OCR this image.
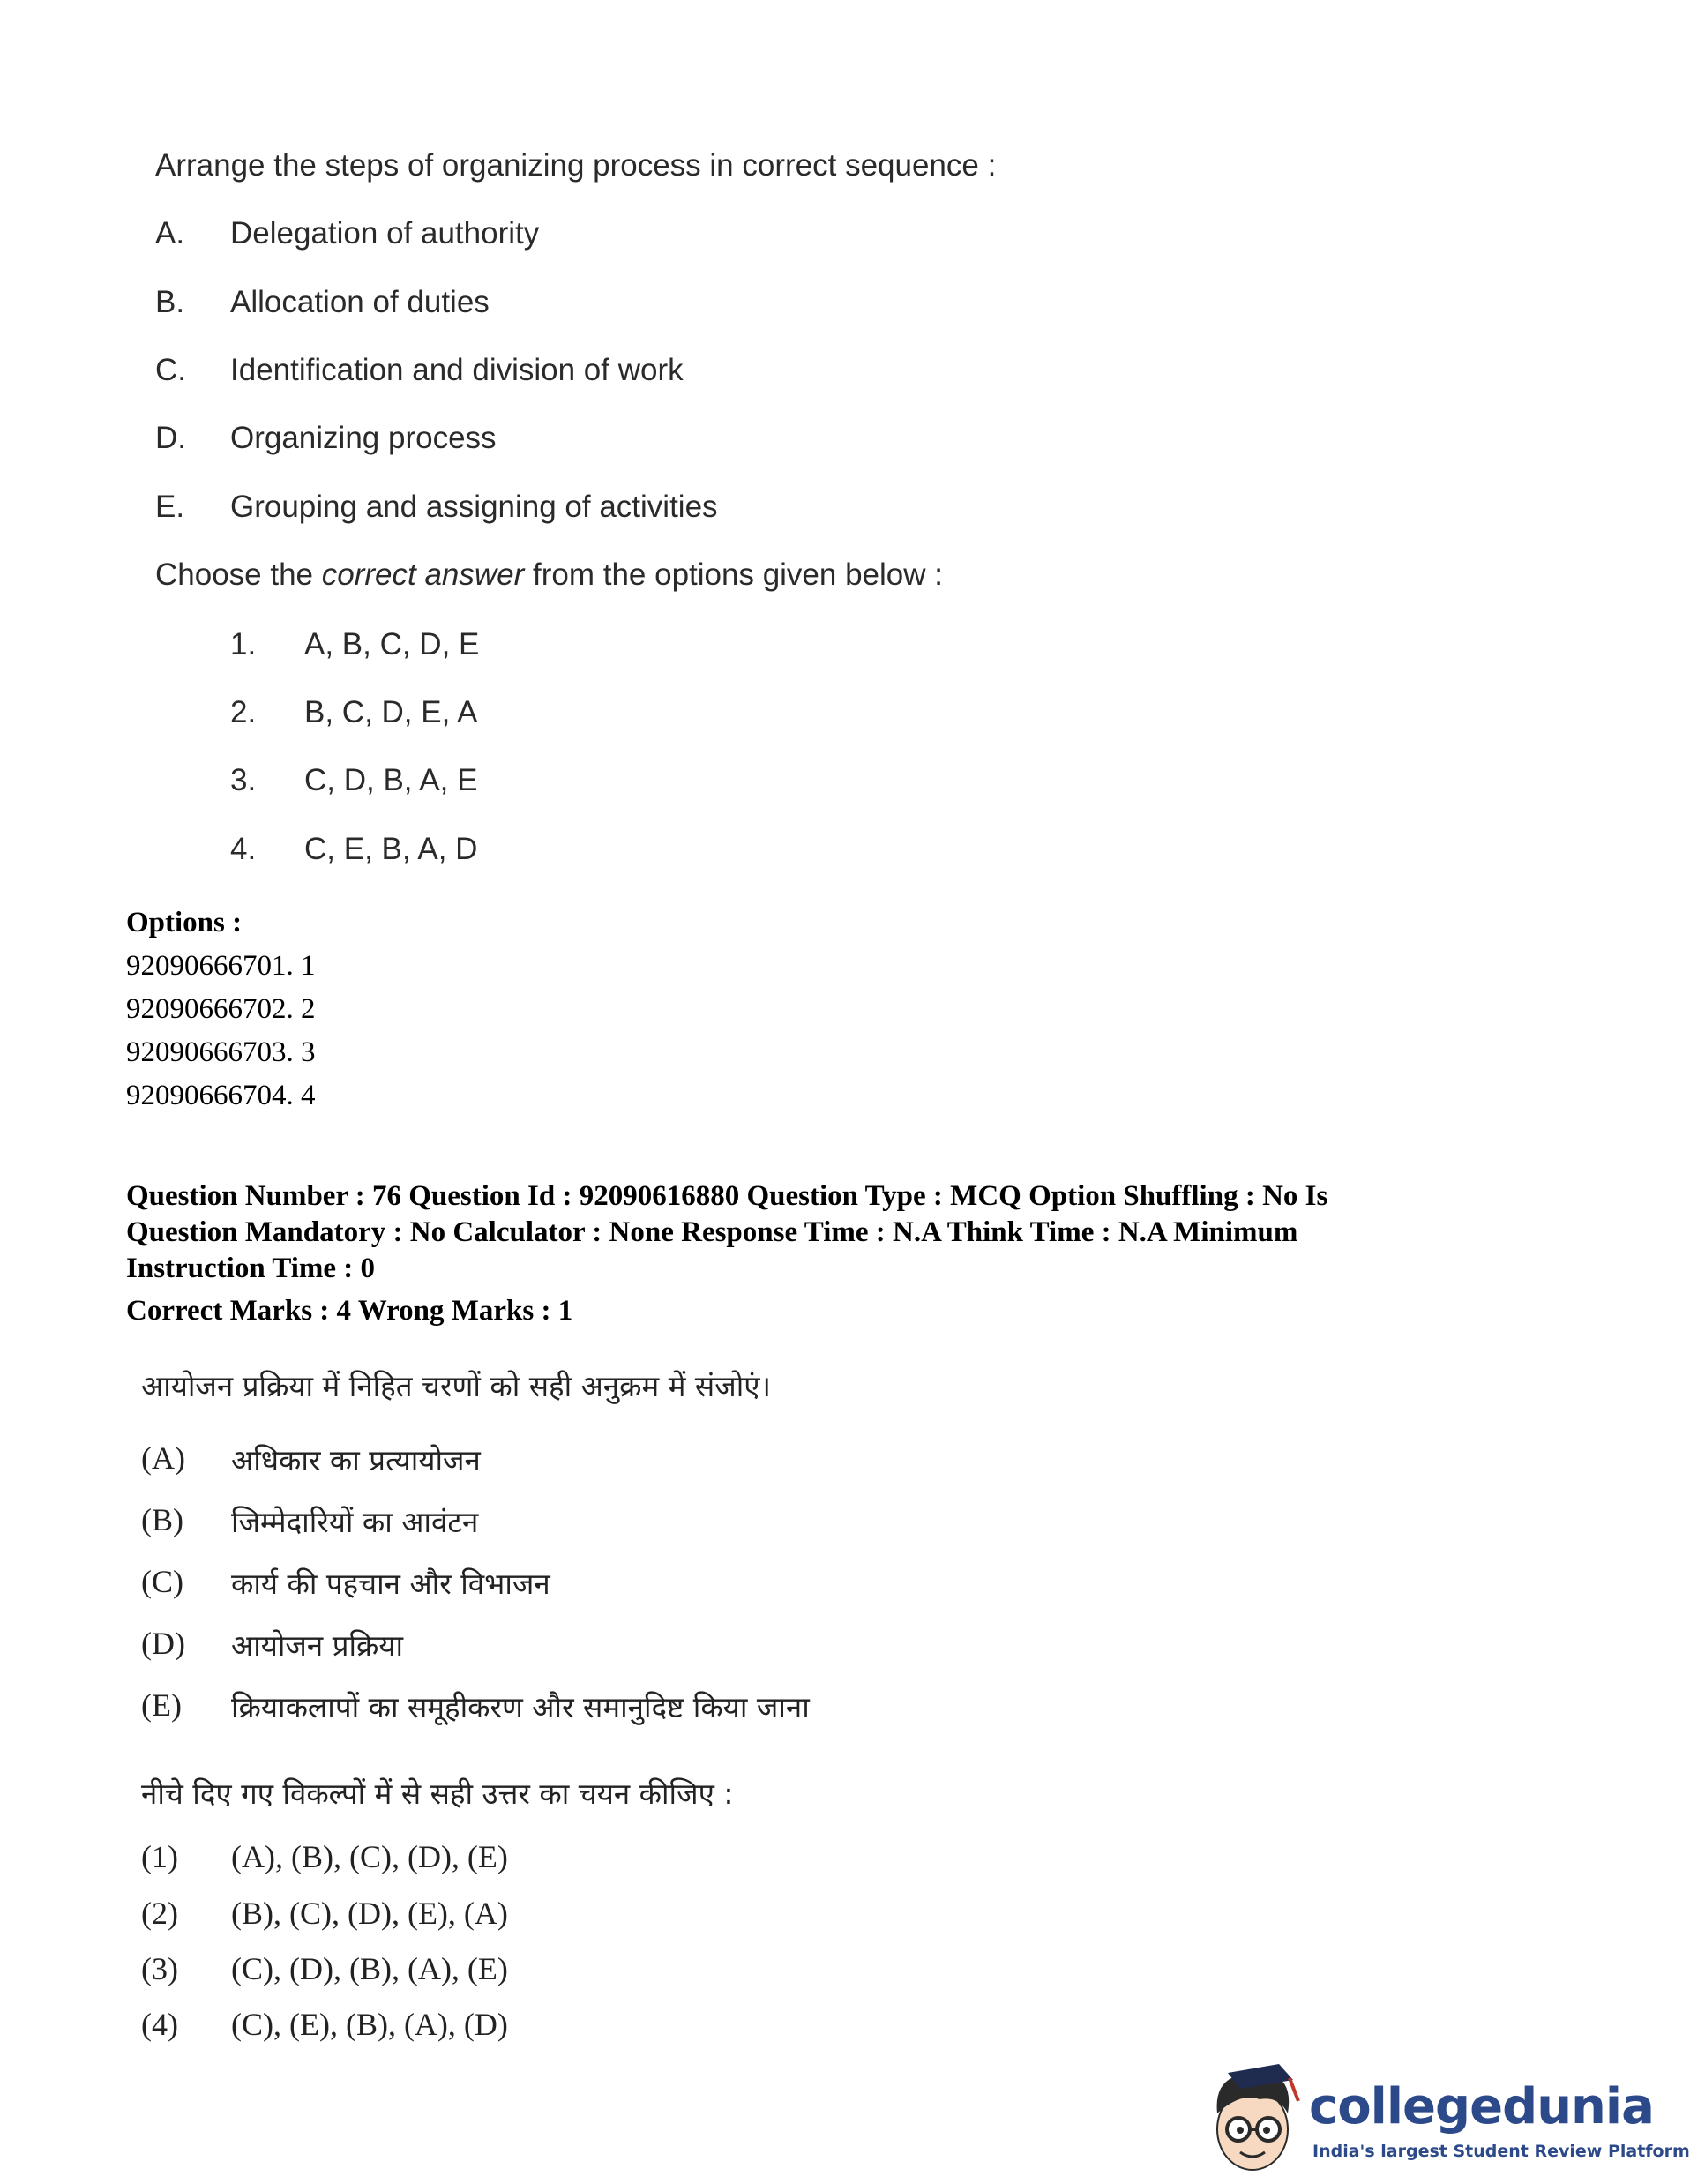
Arrange the steps of organizing process in correct sequence :
A. Delegation of authority
B. Allocation of duties
C. Identification and division of work
D. Organizing process
E. Grouping and assigning of activities
Choose the correct answer from the options given below :
1. A, B, C, D, E
2. B, C, D, E, A
3. C, D, B, A, E
4. C, E, B, A, D
Options :
92090666701. 1
92090666702. 2
92090666703. 3
92090666704. 4
Question Number : 76 Question Id : 92090616880 Question Type : MCQ Option Shuffling : No Is
Question Mandatory : No Calculator : None Response Time : N.A Think Time : N.A Minimum
Instruction Time : 0
Correct Marks : 4 Wrong Marks : 1
आयोजन प्रक्रिया में निहित चरणों को सही अनुक्रम में संजोएं।
(A) अधिकार का प्रत्यायोजन
(B) जिम्मेदारियों का आवंटन
(C) कार्य की पहचान और विभाजन
(D) आयोजन प्रक्रिया
(E) क्रियाकलापों का समूहीकरण और समानुदिष्ट किया जाना
नीचे दिए गए विकल्पों में से सही उत्तर का चयन कीजिए :
(1) (A), (B), (C), (D), (E)
(2) (B), (C), (D), (E), (A)
(3) (C), (D), (B), (A), (E)
(4) (C), (E), (B), (A), (D)
collegedunia
India's largest Student Review Platform
